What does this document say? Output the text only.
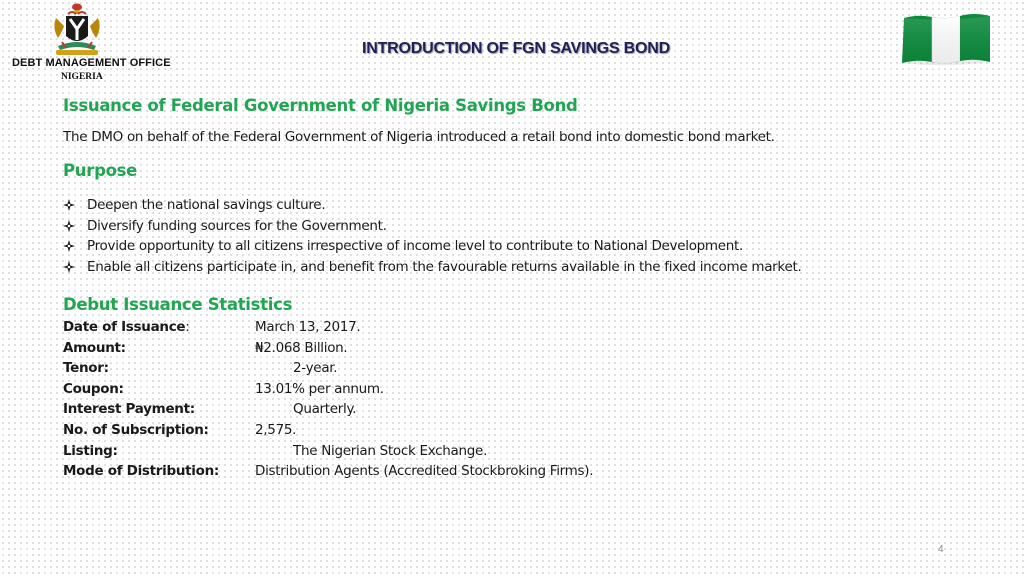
DEBT MANAGEMENT OFFICE
NIGERIA
INTRODUCTION OF FGN SAVINGS BOND
Issuance of Federal Government of Nigeria Savings Bond

The DMO on behalf of the Federal Government of Nigeria introduced a retail bond into domestic bond market.

Purpose
Deepen the national savings culture.
Diversify funding sources for the Government.
Provide opportunity to all citizens irrespective of income level to contribute to National Development.
Enable all citizens participate in, and benefit from the favourable returns available in the fixed income market.
Debut Issuance Statistics
Date of Issuance:	March 13, 2017.
Amount:	₦2.068 Billion.
Tenor:	2-year.
Coupon:	13.01% per annum.
Interest Payment:	Quarterly.
No. of Subscription:	2,575.
Listing:	The Nigerian Stock Exchange.
Mode of Distribution:	Distribution Agents (Accredited Stockbroking Firms).
4
